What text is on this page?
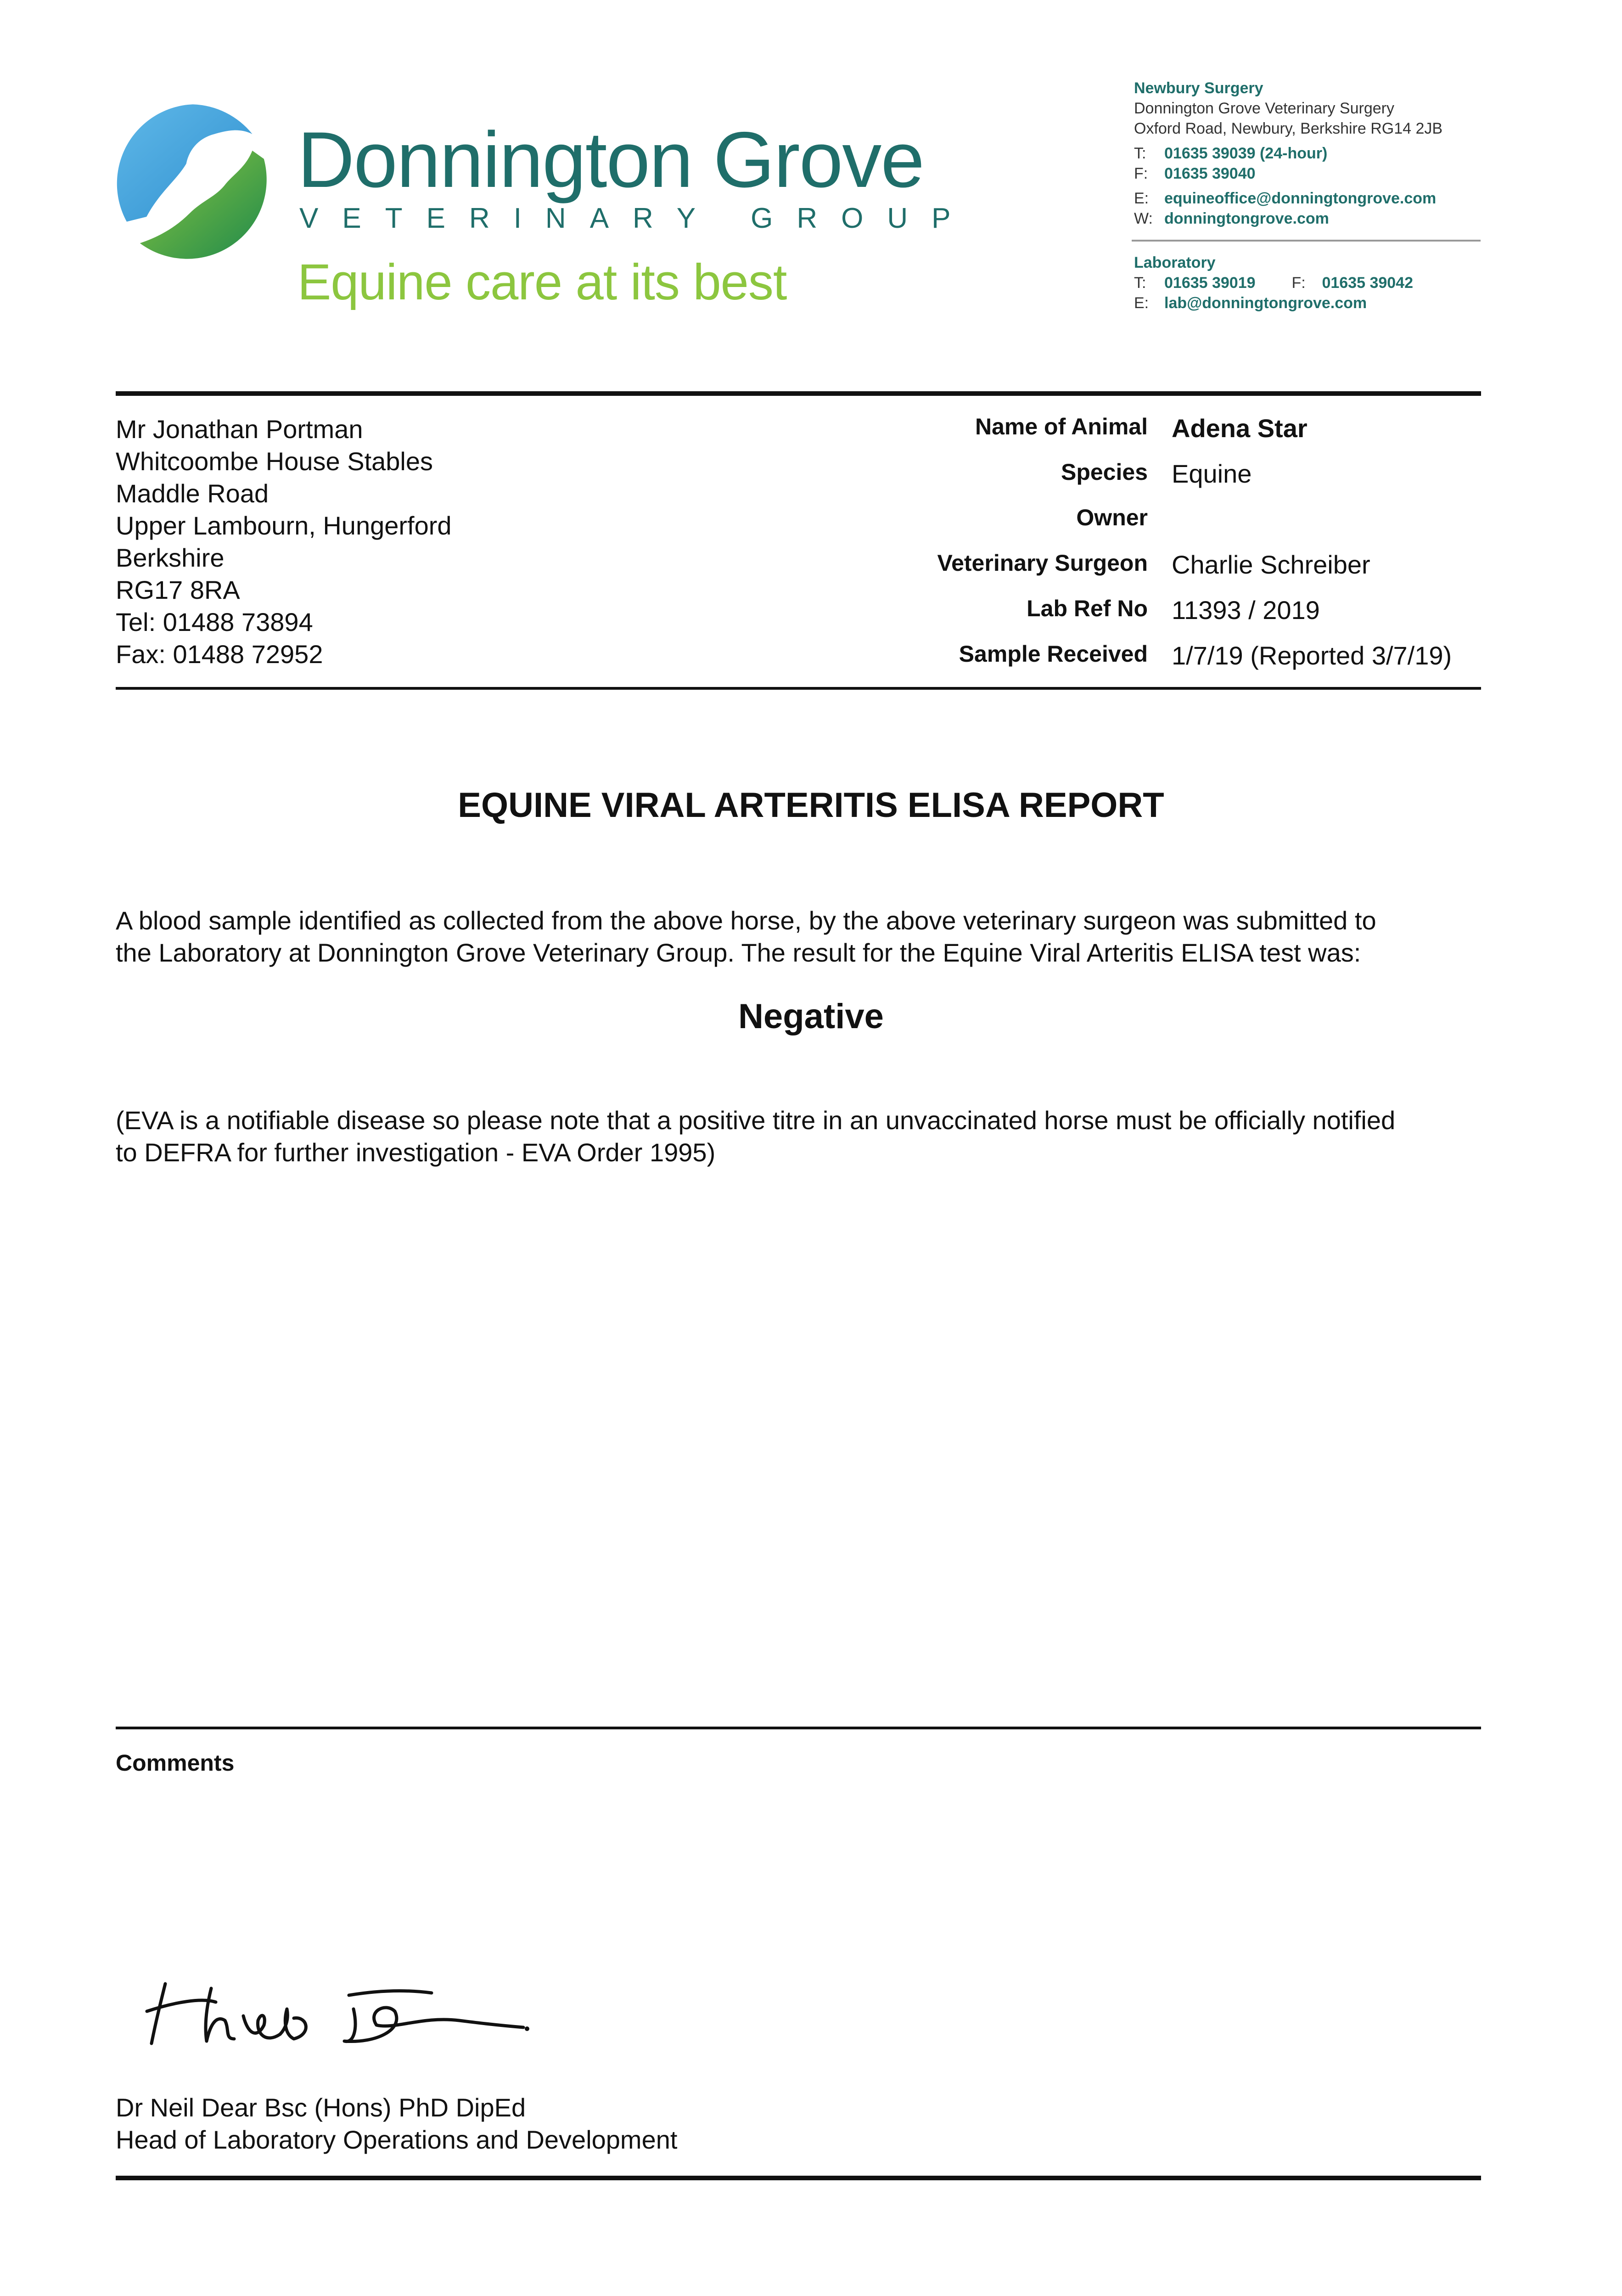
Donnington Grove
VETERINARY GROUP
Equine care at its best
Newbury Surgery
Donnington Grove Veterinary Surgery
Oxford Road, Newbury, Berkshire RG14 2JB
T: 01635 39039 (24-hour)
F: 01635 39040
E: equineoffice@donningtongrove.com
W: donningtongrove.com
Laboratory
T: 01635 39019 F: 01635 39042
E: lab@donningtongrove.com
Mr Jonathan Portman
Whitcoombe House Stables
Maddle Road
Upper Lambourn, Hungerford
Berkshire
RG17 8RA
Tel: 01488 73894
Fax: 01488 72952
Name of Animal Adena Star
Species Equine
Owner
Veterinary Surgeon Charlie Schreiber
Lab Ref No 11393 / 2019
Sample Received 1/7/19 (Reported 3/7/19)
EQUINE VIRAL ARTERITIS ELISA REPORT
A blood sample identified as collected from the above horse, by the above veterinary surgeon was submitted to
the Laboratory at Donnington Grove Veterinary Group. The result for the Equine Viral Arteritis ELISA test was:
Negative
(EVA is a notifiable disease so please note that a positive titre in an unvaccinated horse must be officially notified
to DEFRA for further investigation - EVA Order 1995)
Comments
Dr Neil Dear Bsc (Hons) PhD DipEd
Head of Laboratory Operations and Development
